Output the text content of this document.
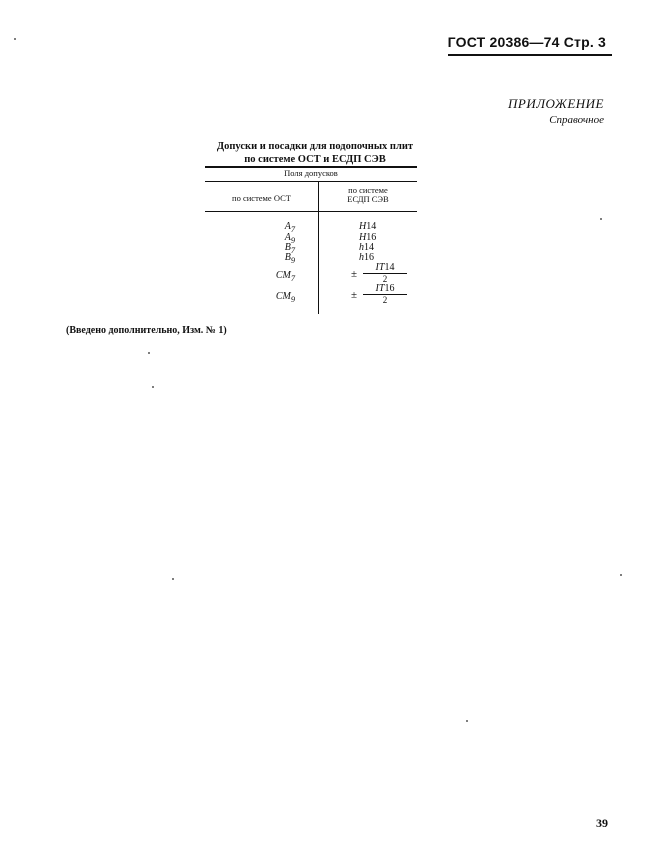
ГОСТ 20386—74 Стр. 3
ПРИЛОЖЕНИЕ
Справочное
Допуски и посадки для подопочных плит
по системе ОСТ и ЕСДП СЭВ
Поля допусков
по системе ОСТ
по системе
ЕСДП СЭВ
$A_7$	H14
$A_9$	H16
$B_7$	h14
$B_9$	h16
$CM_7$	±
IT14
2
$CM_9$	±
IT16
2
(Введено дополнительно, Изм. № 1)
39
